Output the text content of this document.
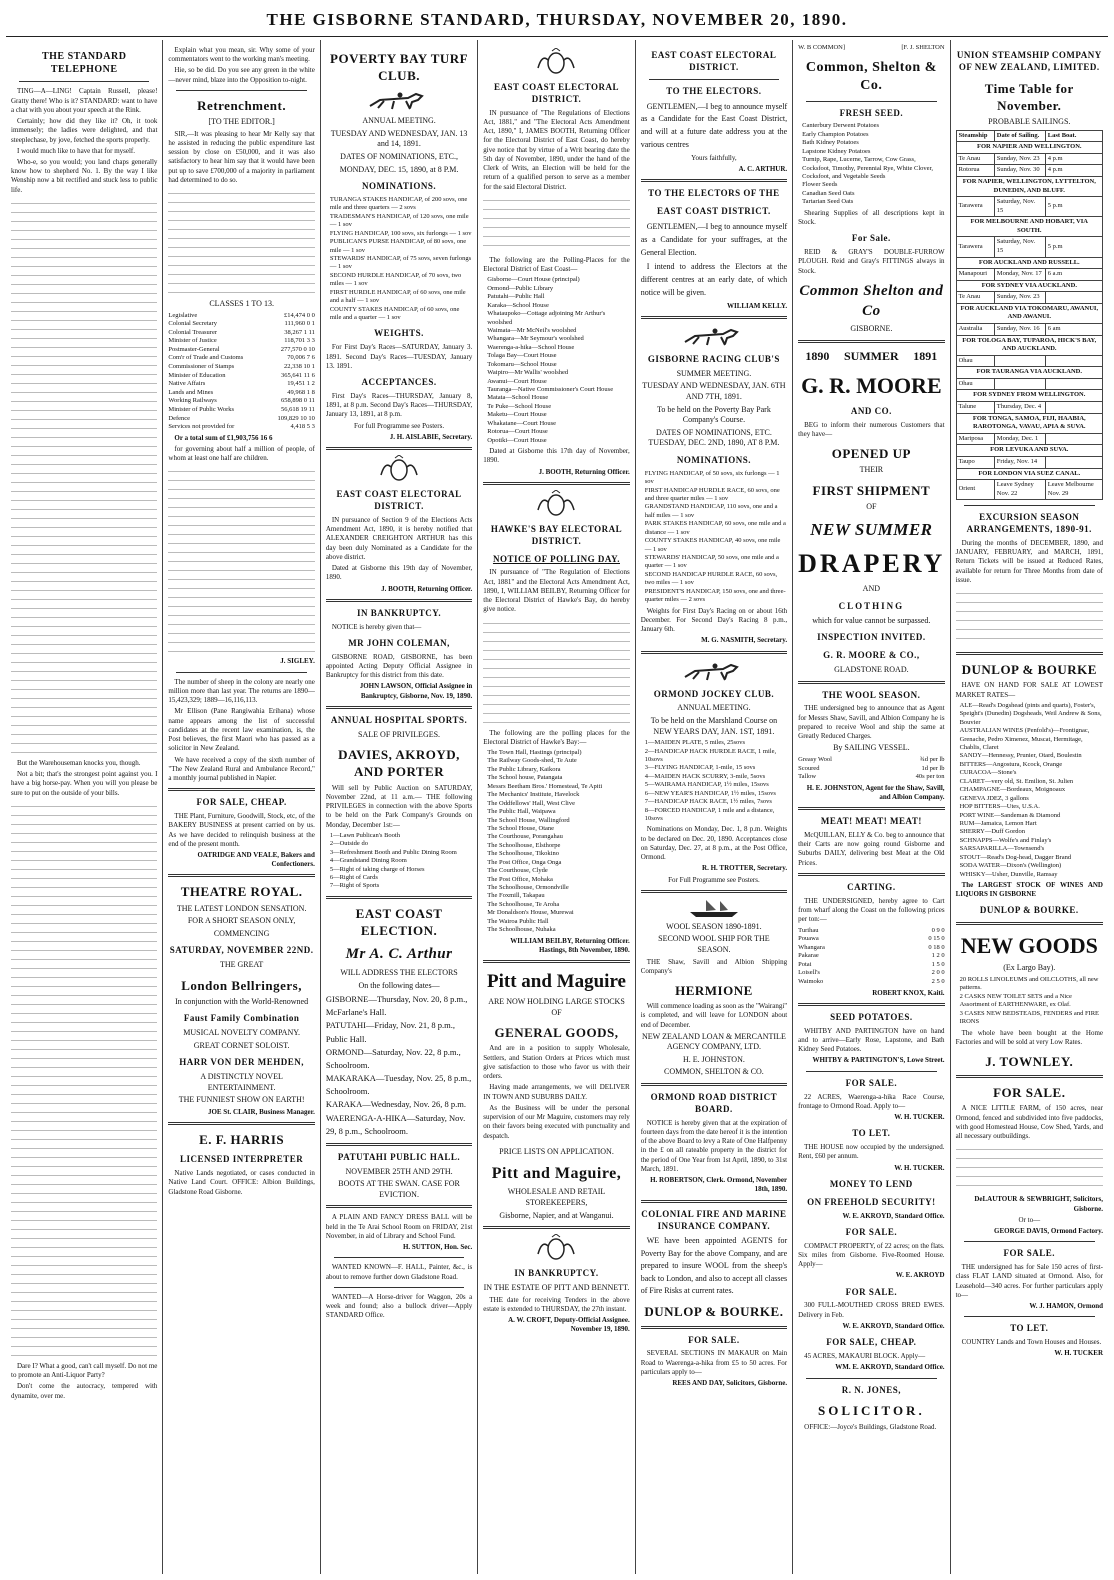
THE GISBORNE STANDARD, THURSDAY, NOVEMBER 20, 1890.
THE STANDARD TELEPHONE

TING—A—LING! Captain Russell, please! Gratty there! Who is it? STANDARD: want to have a chat with you about your speech at the Rink.

Certainly; how did they like it? Oh, it took immensely; the ladies were delighted, and that steeplechase, by jove, fetched the sports properly.

I would much like to have that for myself.

Who-e, so you would; you land chaps generally know how to shepherd No. 1. By the way I like Wenship now a bit rectified and stuck less to public life.

But the Warehouseman knocks you, though.

Not a bit; that's the strongest point against you. I have a big horse-pay. When you will you please be sure to put on the outside of your bills.

Dare I? What a good, can't call myself. Do not me to promote an Anti-Liquor Party?

Don't come the autocracy, tempered with dynamite, over me.

Explain what you mean, sir. Why some of your commentators went to the working man's meeting.

Hie, so be did. Do you see any green in the white—never mind, blaze into the Opposition to-night.

Retrenchment.
[TO THE EDITOR.]

SIR,—It was pleasing to hear Mr Kelly say that he assisted in reducing the public expenditure last session by close on £50,000, and it was also satisfactory to hear him say that it would have been put up to save £700,000 of a majority in parliament had determined to do so.

CLASSES 1 TO 13.
Legislative	£14,474 0 0
Colonial Secretary	111,960 0 1
Colonial Treasurer	38,267 1 11
Minister of Justice	118,701 3 3
Postmaster-General	277,570 0 10
Com'r of Trade and Customs	70,006 7 6
Commissioner of Stamps	22,338 10 1
Minister of Education	365,641 11 6
Native Affairs	19,451 1 2
Lands and Mines	49,968 1 8
Working Railways	658,898 0 11
Minister of Public Works	56,618 19 11
Defence	109,829 10 10
Services not provided for	4,418 5 3

Or a total sum of £1,903,756 16 6

for governing about half a million of people, of whom at least one half are children.

J. SIGLEY.

The number of sheep in the colony are nearly one million more than last year. The returns are 1890—15,423,329; 1889—16,116,113.

Mr Ellison (Pane Rangiwahia Erihana) whose name appears among the list of successful candidates at the recent law examination, is, the Post believes, the first Maori who has passed as a solicitor in New Zealand.

We have received a copy of the sixth number of "The New Zealand Rural and Ambulance Record," a monthly journal published in Napier.

FOR SALE, CHEAP.

THE Plant, Furniture, Goodwill, Stock, etc, of the BAKERY BUSINESS at present carried on by us. As we have decided to relinquish business at the end of the present month.

OATRIDGE AND VEALE, Bakers and Confectioners.
THEATRE ROYAL.
THE LATEST LONDON SENSATION.
FOR A SHORT SEASON ONLY,
COMMENCING
SATURDAY, NOVEMBER 22ND.
THE GREAT
London Bellringers,
In conjunction with the World-Renowned
Faust Family Combination
MUSICAL NOVELTY COMPANY.
GREAT CORNET SOLOIST.
HARR VON DER MEHDEN,
A DISTINCTLY NOVEL ENTERTAINMENT.
THE FUNNIEST SHOW ON EARTH!
JOE St. CLAIR, Business Manager.
E. F. HARRIS
LICENSED INTERPRETER

Native Lands negotiated, or cases conducted in Native Land Court. OFFICE: Albion Buildings, Gladstone Road Gisborne.

POVERTY BAY TURF CLUB.
ANNUAL MEETING.
TUESDAY AND WEDNESDAY, JAN. 13 and 14, 1891.
DATES OF NOMINATIONS, ETC.,
MONDAY, DEC. 15, 1890, at 8 P.M.
NOMINATIONS.
TURANGA STAKES HANDICAP, of 200 sovs, one mile and three quarters — 2 sovs
TRADESMAN'S HANDICAP, of 120 sovs, one mile — 1 sov
FLYING HANDICAP, 100 sovs, six furlongs — 1 sov
PUBLICAN'S PURSE HANDICAP, of 80 sovs, one mile — 1 sov
STEWARDS' HANDICAP, of 75 sovs, seven furlongs — 1 sov
SECOND HURDLE HANDICAP, of 70 sovs, two miles — 1 sov
FIRST HURDLE HANDICAP, of 60 sovs, one mile and a half — 1 sov
COUNTY STAKES HANDICAP, of 60 sovs, one mile and a quarter — 1 sov
WEIGHTS.

For First Day's Races—SATURDAY, January 3. 1891. Second Day's Races—TUESDAY, January 13. 1891.

ACCEPTANCES.

First Day's Races—THURSDAY, January 8, 1891, at 8 p.m. Second Day's Races—THURSDAY, January 13, 1891, at 8 p.m.

For full Programme see Posters.
J. H. AISLABIE, Secretary.
EAST COAST ELECTORAL DISTRICT.

IN pursuance of Section 9 of the Elections Acts Amendment Act, 1890, it is hereby notified that ALEXANDER CREIGHTON ARTHUR has this day been duly Nominated as a Candidate for the above district.

Dated at Gisborne this 19th day of November, 1890.

J. BOOTH, Returning Officer.
IN BANKRUPTCY.

NOTICE is hereby given that—

MR JOHN COLEMAN,

GISBORNE ROAD, GISBORNE, has been appointed Acting Deputy Official Assignee in Bankruptcy for this district from this date.

JOHN LAWSON, Official Assignee in Bankruptcy, Gisborne, Nov. 19, 1890.
ANNUAL HOSPITAL SPORTS.
SALE OF PRIVILEGES.
DAVIES, AKROYD, AND PORTER

Will sell by Public Auction on SATURDAY, November 22nd, at 11 a.m.— THE following PRIVILEGES in connection with the above Sports to be held on the Park Company's Grounds on Monday, December 1st:—

1—Lawn Publican's Booth
2—Outside do
3—Refreshment Booth and Public Dining Room
4—Grandstand Dining Room
5—Right of taking charge of Horses
6—Right of Cards
7—Right of Sports
EAST COAST ELECTION.
Mr A. C. Arthur
WILL ADDRESS THE ELECTORS
On the following dates—
GISBORNE—Thursday, Nov. 20, 8 p.m., McFarlane's Hall.
PATUTAHI—Friday, Nov. 21, 8 p.m., Public Hall.
ORMOND—Saturday, Nov. 22, 8 p.m., Schoolroom.
MAKARAKA—Tuesday, Nov. 25, 8 p.m., Schoolroom.
KARAKA—Wednesday, Nov. 26, 8 p.m.
WAERENGA-A-HIKA—Saturday, Nov. 29, 8 p.m., Schoolroom.
PATUTAHI PUBLIC HALL.
NOVEMBER 25TH AND 29TH.
BOOTS AT THE SWAN. CASE FOR EVICTION.

A PLAIN AND FANCY DRESS BALL will be held in the Te Arai School Room on FRIDAY, 21st November, in aid of Library and School Fund.

H. SUTTON, Hon. Sec.

WANTED KNOWN—F. HALL, Painter, &c., is about to remove further down Gladstone Road.

WANTED—A Horse-driver for Waggon, 20s a week and found; also a bullock driver—Apply STANDARD Office.

EAST COAST ELECTORAL DISTRICT.

IN pursuance of "The Regulations of Elections Act, 1881," and "The Electoral Acts Amendment Act, 1890," I, JAMES BOOTH, Returning Officer for the Electoral District of East Coast, do hereby give notice that by virtue of a Writ bearing date the 5th day of November, 1890, under the hand of the Clerk of Writs, an Election will be held for the return of a qualified person to serve as a member for the said Electoral District.

The following are the Polling-Places for the Electoral District of East Coast—

Gisborne—Court House (principal)
Ormond—Public Library
Patutahi—Public Hall
Karaka—School House
Whataupoko—Cottage adjoining Mr Arthur's woolshed
Waimata—Mr McNeil's woolshed
Whangara—Mr Seymour's woolshed
Waerenga-a-hika—School House
Tolaga Bay—Court House
Tokomaru—School House
Waipiro—Mr Wallis' woolshed
Awanui—Court House
Tauranga—Native Commissioner's Court House
Matata—School House
Te Puke—School House
Maketu—Court House
Whakatane—Court House
Rotorua—Court House
Opotiki—Court House

Dated at Gisborne this 17th day of November, 1890.

J. BOOTH, Returning Officer.
HAWKE'S BAY ELECTORAL DISTRICT.
NOTICE OF POLLING DAY.

IN pursuance of "The Regulation of Elections Act, 1881" and the Electoral Acts Amendment Act, 1890, I, WILLIAM BEILBY, Returning Officer for the Electoral District of Hawke's Bay, do hereby give notice.

The following are the polling places for the Electoral District of Hawke's Bay:—

The Town Hall, Hastings (principal)
The Railway Goods-shed, Te Aute
The Public Library, Kaikora
The School house, Patangata
Messrs Beetham Bros.' Homestead, Te Apiti
The Mechanics' Institute, Havelock
The Oddfellows' Hall, West Clive
The Public Hall, Waipawa
The School House, Wallingford
The School House, Otane
The Courthouse, Porangahau
The Schoolhouse, Elsthorpe
The Schoolhouse, Tikokino
The Post Office, Onga Onga
The Courthouse, Clyde
The Post Office, Mohaka
The Schoolhouse, Ormondville
The Foxmill, Takapau
The Schoolhouse, Te Aroha
Mr Donaldson's House, Murewai
The Wairoa Public Hall
The Schoolhouse, Nuhaka
WILLIAM BEILBY, Returning Officer. Hastings, 8th November, 1890.
Pitt and Maguire
ARE NOW HOLDING LARGE STOCKS OF
GENERAL GOODS,

And are in a position to supply Wholesale, Settlers, and Station Orders at Prices which must give satisfaction to those who favor us with their orders.

Having made arrangements, we will DELIVER IN TOWN AND SUBURBS DAILY.

As the Business will be under the personal supervision of our Mr Maguire, customers may rely on their favors being executed with punctuality and despatch.

PRICE LISTS ON APPLICATION.
Pitt and Maguire,
WHOLESALE AND RETAIL STOREKEEPERS,
Gisborne, Napier, and at Wanganui.
IN BANKRUPTCY.
IN THE ESTATE OF PITT AND BENNETT.

THE date for receiving Tenders in the above estate is extended to THURSDAY, the 27th instant.

A. W. CROFT, Deputy-Official Assignee. November 19, 1890.
EAST COAST ELECTORAL DISTRICT.
TO THE ELECTORS.

GENTLEMEN,—I beg to announce myself as a Candidate for the East Coast District, and will at a future date address you at the various centres

Yours faithfully,
A. C. ARTHUR.
TO THE ELECTORS OF THE
EAST COAST DISTRICT.

GENTLEMEN,—I beg to announce myself as a Candidate for your suffrages, at the General Election.

I intend to address the Electors at the different centres at an early date, of which notice will be given.

WILLIAM KELLY.
GISBORNE RACING CLUB'S
SUMMER MEETING.
TUESDAY AND WEDNESDAY, JAN. 6TH AND 7TH, 1891.
To be held on the Poverty Bay Park Company's Course.
DATES OF NOMINATIONS, ETC. TUESDAY, DEC. 2ND, 1890, AT 8 P.M.
NOMINATIONS.
FLYING HANDICAP, of 50 sovs, six furlongs — 1 sov
FIRST HANDICAP HURDLE RACE, 60 sovs, one and three quarter miles — 1 sov
GRANDSTAND HANDICAP, 110 sovs, one and a half miles — 1 sov
PARK STAKES HANDICAP, 60 sovs, one mile and a distance — 1 sov
COUNTY STAKES HANDICAP, 40 sovs, one mile — 1 sov
STEWARDS' HANDICAP, 50 sovs, one mile and a quarter — 1 sov
SECOND HANDICAP HURDLE RACE, 60 sovs, two miles — 1 sov
PRESIDENT'S HANDICAP, 150 sovs, one and three-quarter miles — 2 sovs

Weights for First Day's Racing on or about 16th December. For Second Day's Racing 8 p.m., January 6th.

M. G. NASMITH, Secretary.
ORMOND JOCKEY CLUB.
ANNUAL MEETING.
To be held on the Marshland Course on NEW YEARS DAY, JAN. 1ST, 1891.
1—MAIDEN PLATE, 5 miles, 25sovs
2—HANDICAP HACK HURDLE RACE, 1 mile, 10sovs
3—FLYING HANDICAP, 1-mile, 15 sovs
4—MAIDEN HACK SCURRY, 3-mile, 5sovs
5—WAIRAMA HANDICAP, 1½ miles, 15sovs
6—NEW YEAR'S HANDICAP, 1½ miles, 15sovs
7—HANDICAP HACK RACE, 1½ miles, 7sovs
8—FORCED HANDICAP, 1 mile and a distance, 10sovs

Nominations on Monday, Dec. 1, 8 p.m. Weights to be declared on Dec. 20, 1890. Acceptances close on Saturday, Dec. 27, at 8 p.m., at the Post Office, Ormond.

R. H. TROTTER, Secretary.
For Full Programme see Posters.
WOOL SEASON 1890-1891.
SECOND WOOL SHIP FOR THE SEASON.

THE Shaw, Savill and Albion Shipping Company's

HERMIONE

Will commence loading as soon as the "Wairangi" is completed, and will leave for LONDON about end of December.

NEW ZEALAND LOAN & MERCANTILE AGENCY COMPANY, LTD.
H. E. JOHNSTON.
COMMON, SHELTON & CO.
ORMOND ROAD DISTRICT BOARD.

NOTICE is hereby given that at the expiration of fourteen days from the date hereof it is the intention of the above Board to levy a Rate of One Halfpenny in the £ on all rateable property in the district for the period of One Year from 1st April, 1890, to 31st March, 1891.

H. ROBERTSON, Clerk. Ormond, November 18th, 1890.
COLONIAL FIRE AND MARINE INSURANCE COMPANY.

WE have been appointed AGENTS for Poverty Bay for the above Company, and are prepared to insure WOOL from the sheep's back to London, and also to accept all classes of Fire Risks at current rates.

DUNLOP & BOURKE.
FOR SALE.

SEVERAL SECTIONS IN MAKAUR on Main Road to Waerenga-a-hika from £5 to 50 acres. For particulars apply to—

REES AND DAY, Solicitors, Gisborne.
W. B COMMON]	[F. J. SHELTON
Common, Shelton & Co.
FRESH SEED.
Canterbury Derwent Potatoes
Early Champion Potatoes
Bath Kidney Potatoes
Lapstone Kidney Potatoes
Turnip, Rape, Lucerne, Tarrow, Cow Grass, Cocksfoot, Timothy, Perennial Rye, White Clover, Cocksfoot, and Vegetable Seeds
Flower Seeds
Canadian Seed Oats
Tartarian Seed Oats

Shearing Supplies of all descriptions kept in Stock.

For Sale.

REID & GRAY'S DOUBLE-FURROW PLOUGH. Reid and Gray's FITTINGS always in Stock.

Common Shelton and Co
GISBORNE.
1890 SUMMER 1891
G. R. MOORE
AND CO.

BEG to inform their numerous Customers that they have—

OPENED UP
THEIR
FIRST SHIPMENT
OF
NEW SUMMER
DRAPERY
AND
CLOTHING
which for value cannot be surpassed.
INSPECTION INVITED.
G. R. MOORE & CO.,
GLADSTONE ROAD.
THE WOOL SEASON.

THE undersigned beg to announce that as Agent for Messrs Shaw, Savill, and Albion Company he is prepared to receive Wool and ship the same at Greatly Reduced Charges.

By SAILING VESSEL.
Greasy Wool	¾d per lb
Scoured	1d per lb
Tallow	40s per ton
H. E. JOHNSTON, Agent for the Shaw, Savill, and Albion Company.
MEAT! MEAT! MEAT!

McQUILLAN, ELLY & Co. beg to announce that their Carts are now going round Gisborne and Suburbs DAILY, delivering best Meat at the Old Prices.

CARTING.

THE UNDERSIGNED, hereby agree to Cart from wharf along the Coast on the following prices per ton:—

Turihau	0 9 0
Pouawa	0 15 0
Whangara	0 18 0
Pakarae	1 2 0
Potai	1 5 0
Loisell's	2 0 0
Waimoko	2 5 0
ROBERT KNOX, Kaiti.
SEED POTATOES.

WHITBY AND PARTINGTON have on hand and to arrive—Early Rose, Lapstone, and Bath Kidney Seed Potatoes.

WHITBY & PARTINGTON'S, Lowe Street.
FOR SALE.

22 ACRES, Waerenga-a-hika Race Course, frontage to Ormond Road. Apply to—

W. H. TUCKER.
TO LET.

THE HOUSE now occupied by the undersigned. Rent, £60 per annum.

W. H. TUCKER.
MONEY TO LEND
ON FREEHOLD SECURITY!
W. E. AKROYD, Standard Office.
FOR SALE.

COMPACT PROPERTY, of 22 acres; on the flats. Six miles from Gisborne. Five-Roomed House. Apply—

W. E. AKROYD
FOR SALE.

300 FULL-MOUTHED CROSS BRED EWES. Delivery in Feb.

W. E. AKROYD, Standard Office.
FOR SALE, CHEAP.

45 ACRES, MAKAURI BLOCK. Apply—

WM. E. AKROYD, Standard Office.
R. N. JONES,
SOLICITOR.

OFFICE:—Joyce's Buildings, Gladstone Road.

UNION STEAMSHIP COMPANY OF NEW ZEALAND, LIMITED.
Time Table for November.
PROBABLE SAILINGS.
Steamship	Date of Sailing.	Last Boat.
FOR NAPIER AND WELLINGTON.		
Te Anau	Sunday, Nov. 23	4 p.m
Rotorua	Sunday, Nov. 30	4 p.m
FOR NAPIER, WELLINGTON, LYTTELTON, DUNEDIN, AND BLUFF.		
Tarawera	Saturday, Nov. 15	5 p.m
FOR MELBOURNE AND HOBART, VIA SOUTH.		
Tarawera	Saturday, Nov. 15	5 p.m
FOR AUCKLAND AND RUSSELL.		
Manapouri	Monday, Nov. 17	6 a.m
FOR SYDNEY VIA AUCKLAND.		
Te Anau	Sunday, Nov. 23	
FOR AUCKLAND VIA TOKOMARU, AWANUI, AND AWANUI.		
Australia	Sunday, Nov. 16	6 am
FOR TOLOGA BAY, TUPAROA, HICK'S BAY, AND AUCKLAND.		
Ohau		
FOR TAURANGA VIA AUCKLAND.		
Ohau		
FOR SYDNEY FROM WELLINGTON.		
Talune	Thursday, Dec. 4	
FOR TONGA, SAMOA, FIJI, HAABIA, RAROTONGA, VAVAU, APIA & SUVA.		
Mariposa	Monday, Dec. 1	
FOR LEVUKA AND SUVA.		
Taupo	Friday, Nov. 14	
FOR LONDON VIA SUEZ CANAL.		
Orient	Leave Sydney Nov. 22	Leave Melbourne Nov. 29
EXCURSION SEASON ARRANGEMENTS, 1890-91.

During the months of DECEMBER, 1890, and JANUARY, FEBRUARY, and MARCH, 1891, Return Tickets will be issued at Reduced Rates, available for return for Three Months from date of issue.

DUNLOP & BOURKE

HAVE ON HAND FOR SALE AT LOWEST MARKET RATES—

ALE—Read's Dogshead (pints and quarts), Foster's, Speight's (Dunedin) Dogsheads, Weil Andrew & Sons, Bouvier
AUSTRALIAN WINES (Penfold's)—Frontignac, Grenache, Pedro Ximenez, Muscat, Hermitage, Chablis, Claret
SANDY—Hennessy, Prunier, Otard, Boulestin
BITTERS—Angostura, Kcock, Orange
CURACOA—Stone's
CLARET—very old, St. Emilion, St. Julien
CHAMPAGNE—Bordeaux, Moignoaux
GENEVA JDEZ, 3 gallons
HOP BITTERS—Utes, U.S.A.
PORT WINE—Sandeman & Diamond
RUM—Jamaica, Lemon Hart
SHERRY—Duff Gordon
SCHNAPPS—Wolfe's and Finlay's
SARSAPARILLA—Townsend's
STOUT—Read's Dog-head, Dagger Brand
SODA WATER—Dixon's (Wellington)
WHISKY—Usher, Dunville, Ramsay

The LARGEST STOCK OF WINES AND LIQUORS IN GISBORNE

DUNLOP & BOURKE.
NEW GOODS
(Ex Largo Bay).
20 ROLLS LINOLEUMS and OILCLOTHS, all new patterns.
2 CASKS NEW TOILET SETS and a Nice Assortment of EARTHENWARE, ex Olaf.
3 CASES NEW BEDSTEADS, FENDERS and FIRE IRONS

The whole have been bought at the Home Factories and will be sold at very Low Rates.

J. TOWNLEY.
FOR SALE.

A NICE LITTLE FARM, of 150 acres, near Ormond, fenced and subdivided into five paddocks, with good Homestead House, Cow Shed, Yards, and all necessary outbuildings.

DeLAUTOUR & SEWBRIGHT, Solicitors, Gisborne.
Or to—
GEORGE DAVIS, Ormond Factory.
FOR SALE.

THE undersigned has for Sale 150 acres of first-class FLAT LAND situated at Ormond. Also, for Leasehold—340 acres. For further particulars apply to—

W. J. HAMON, Ormond
TO LET.

COUNTRY Lands and Town Houses and Houses.

W. H. TUCKER
